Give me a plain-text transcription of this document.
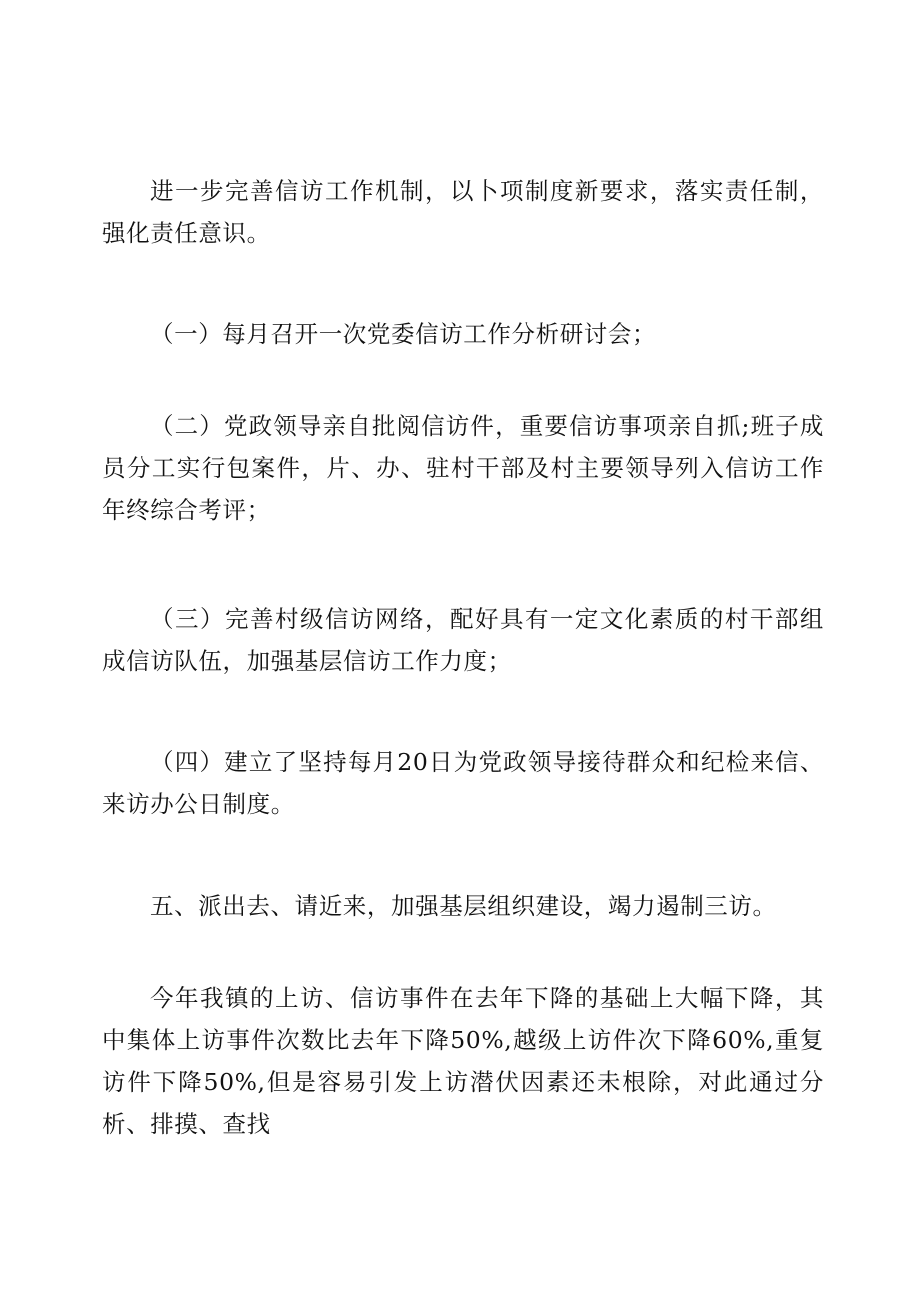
进一步完善信访工作机制，以卜项制度新要求，落实责任制，强化责任意识。

（一）每月召开一次党委信访工作分析研讨会；

（二）党政领导亲自批阅信访件，重要信访事项亲自抓;班子成员分工实行包案件，片、办、驻村干部及村主要领导列入信访工作年终综合考评；

（三）完善村级信访网络，配好具有一定文化素质的村干部组成信访队伍，加强基层信访工作力度；

（四）建立了坚持每月20日为党政领导接待群众和纪检来信、来访办公日制度。

五、派出去、请近来，加强基层组织建设，竭力遏制三访。

今年我镇的上访、信访事件在去年下降的基础上大幅下降，其中集体上访事件次数比去年下降50%,越级上访件次下降60%,重复访件下降50%,但是容易引发上访潜伏因素还未根除，对此通过分析、排摸、查找
